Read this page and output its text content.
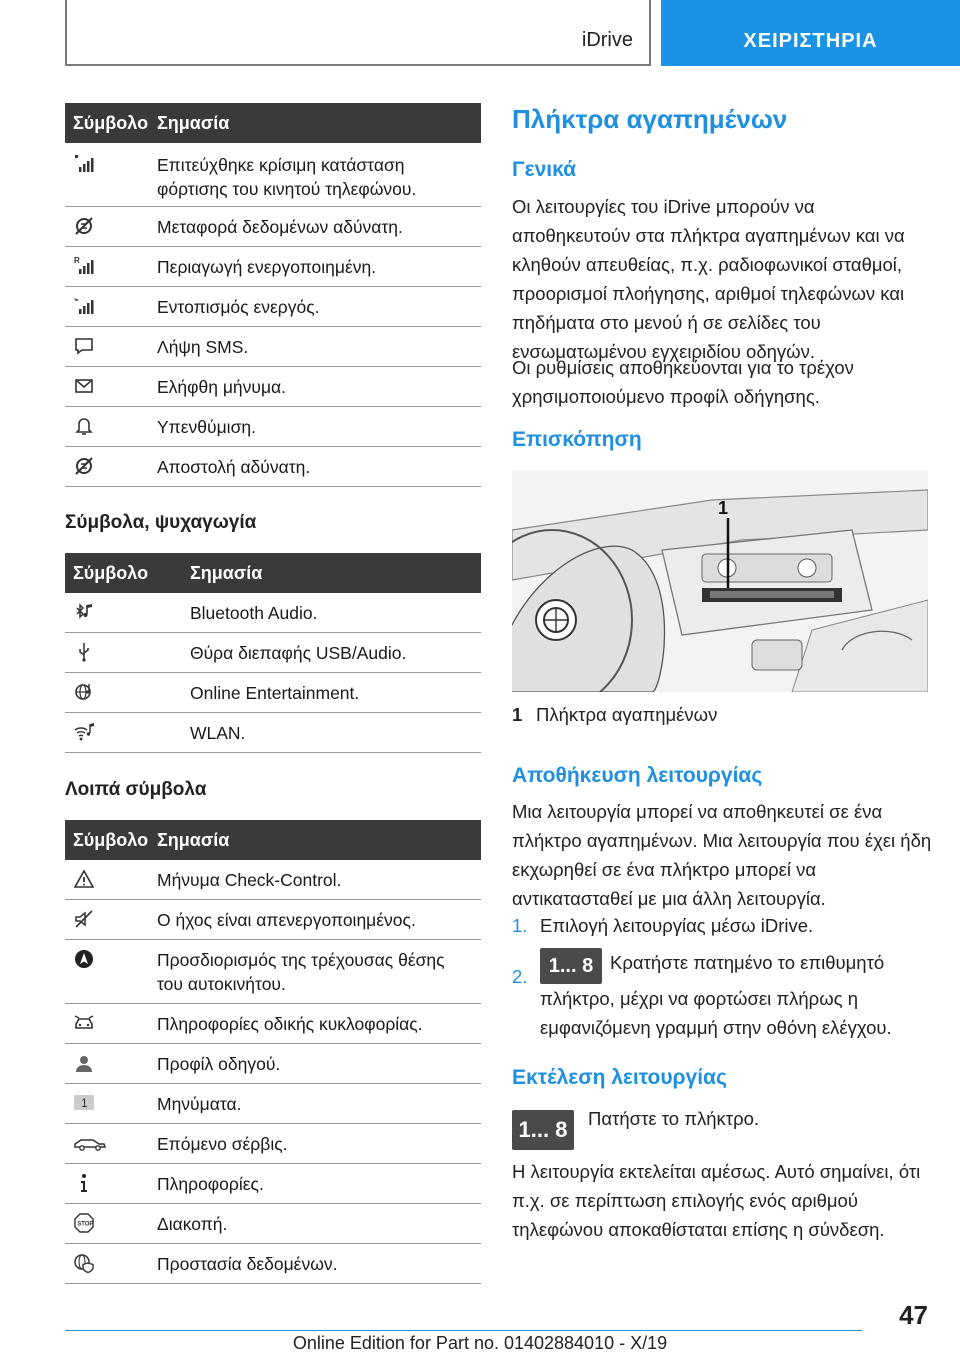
iDrive	ΧΕΙΡΙΣΤΗΡΙΑ
Σύμβολο Σημασία
Επιτεύχθηκε κρίσιμη κατάσταση φόρτισης του κινητού τηλεφώνου.
Μεταφορά δεδομένων αδύνατη.
R	Περιαγωγή ενεργοποιημένη.
Εντοπισμός ενεργός.
Λήψη SMS.
Ελήφθη μήνυμα.
Υπενθύμιση.
Αποστολή αδύνατη.
Σύμβολα, ψυχαγωγία
Σύμβολο	Σημασία
Bluetooth Audio.
Θύρα διεπαφής USB/Audio.
Online Entertainment.
WLAN.
Λοιπά σύμβολα
Σύμβολο Σημασία
Μήνυμα Check-Control.
Ο ήχος είναι απενεργοποιημένος.
Προσδιορισμός της τρέχουσας θέσης του αυτοκινήτου.
Πληροφορίες οδικής κυκλοφορίας.
Προφίλ οδηγού.
1	Μηνύματα.
Επόμενο σέρβις.
Πληροφορίες.
STOP	Διακοπή.
Προστασία δεδομένων.
Πλήκτρα αγαπημένων
Γενικά
Οι λειτουργίες του iDrive μπορούν να αποθηκευτούν στα πλήκτρα αγαπημένων και να κληθούν απευθείας, π.χ. ραδιοφωνικοί σταθμοί, προορισμοί πλοήγησης, αριθμοί τηλεφώνων και πηδήματα στο μενού ή σε σελίδες του ενσωματωμένου εγχειριδίου οδηγών.
Οι ρυθμίσεις αποθηκεύονται για το τρέχον χρησιμοποιούμενο προφίλ οδήγησης.
Επισκόπηση
1
1 Πλήκτρα αγαπημένων
Αποθήκευση λειτουργίας
Μια λειτουργία μπορεί να αποθηκευτεί σε ένα πλήκτρο αγαπημένων. Μια λειτουργία που έχει ήδη εκχωρηθεί σε ένα πλήκτρο μπορεί να αντικατασταθεί με μια άλλη λειτουργία.
1. Επιλογή λειτουργίας μέσω iDrive.
2.	1... 8 Κρατήστε πατημένο το επιθυμητό πλήκτρο, μέχρι να φορτώσει πλήρως η εμφανιζόμενη γραμμή στην οθόνη ελέγχου.
Εκτέλεση λειτουργίας
1... 8	Πατήστε το πλήκτρο.
Η λειτουργία εκτελείται αμέσως. Αυτό σημαίνει, ότι π.χ. σε περίπτωση επιλογής ενός αριθμού τηλεφώνου αποκαθίσταται επίσης η σύνδεση.
47
Online Edition for Part no. 01402884010 - X/19
